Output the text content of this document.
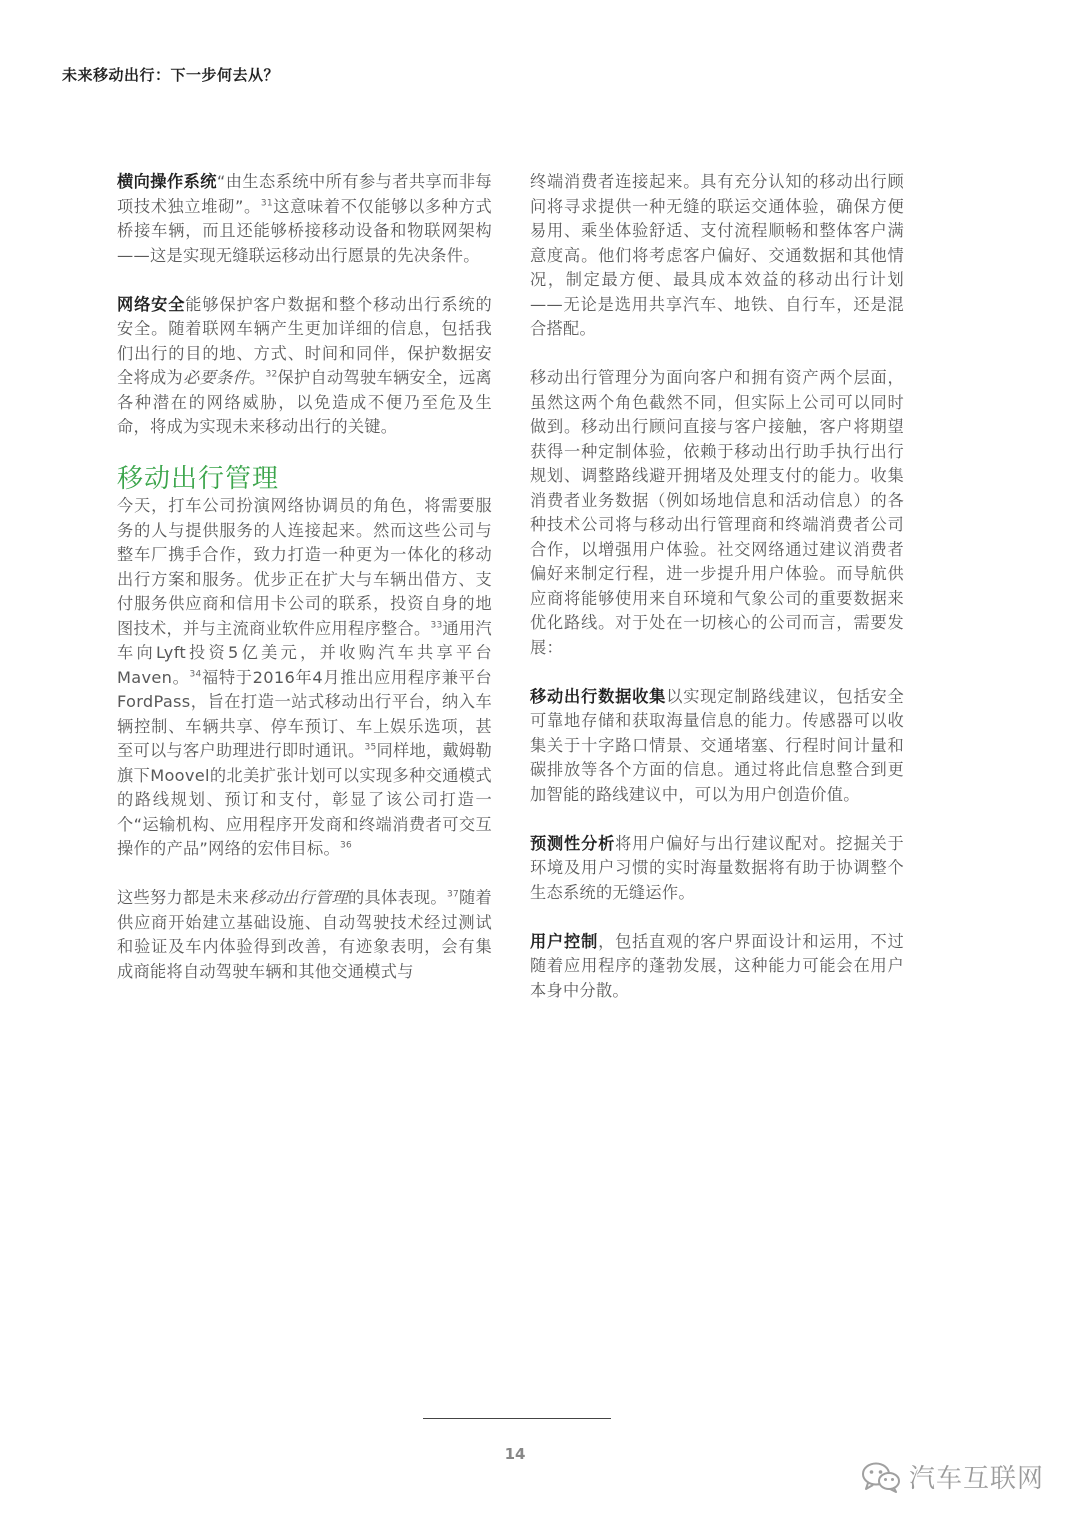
未来移动出行：下一步何去从？

横向操作系统“由生态系统中所有参与者共享而非每项技术独立堆砌”。$^{31}$这意味着不仅能够以多种方式桥接车辆，而且还能够桥接移动设备和物联网架构——这是实现无缝联运移动出行愿景的先决条件。

网络安全能够保护客户数据和整个移动出行系统的安全。随着联网车辆产生更加详细的信息，包括我们出行的目的地、方式、时间和同伴，保护数据安全将成为必要条件。$^{32}$保护自动驾驶车辆安全，远离各种潜在的网络威胁，以免造成不便乃至危及生命，将成为实现未来移动出行的关键。

移动出行管理

今天，打车公司扮演网络协调员的角色，将需要服务的人与提供服务的人连接起来。然而这些公司与整车厂携手合作，致力打造一种更为一体化的移动出行方案和服务。优步正在扩大与车辆出借方、支付服务供应商和信用卡公司的联系，投资自身的地图技术，并与主流商业软件应用程序整合。$^{33}$通用汽车向Lyft投资5亿美元，并收购汽车共享平台Maven。$^{34}$福特于2016年4月推出应用程序兼平台FordPass，旨在打造一站式移动出行平台，纳入车辆控制、车辆共享、停车预订、车上娱乐选项，甚至可以与客户助理进行即时通讯。$^{35}$同样地，戴姆勒旗下Moovel的北美扩张计划可以实现多种交通模式的路线规划、预订和支付，彰显了该公司打造一个“运输机构、应用程序开发商和终端消费者可交互操作的产品”网络的宏伟目标。$^{36}$

这些努力都是未来移动出行管理的具体表现。$^{37}$随着供应商开始建立基础设施、自动驾驶技术经过测试和验证及车内体验得到改善，有迹象表明，会有集成商能将自动驾驶车辆和其他交通模式与

终端消费者连接起来。具有充分认知的移动出行顾问将寻求提供一种无缝的联运交通体验，确保方便易用、乘坐体验舒适、支付流程顺畅和整体客户满意度高。他们将考虑客户偏好、交通数据和其他情况，制定最方便、最具成本效益的移动出行计划——无论是选用共享汽车、地铁、自行车，还是混合搭配。

移动出行管理分为面向客户和拥有资产两个层面，虽然这两个角色截然不同，但实际上公司可以同时做到。移动出行顾问直接与客户接触，客户将期望获得一种定制体验，依赖于移动出行助手执行出行规划、调整路线避开拥堵及处理支付的能力。收集消费者业务数据（例如场地信息和活动信息）的各种技术公司将与移动出行管理商和终端消费者公司合作，以增强用户体验。社交网络通过建议消费者偏好来制定行程，进一步提升用户体验。而导航供应商将能够使用来自环境和气象公司的重要数据来优化路线。对于处在一切核心的公司而言，需要发展：

移动出行数据收集以实现定制路线建议，包括安全可靠地存储和获取海量信息的能力。传感器可以收集关于十字路口情景、交通堵塞、行程时间计量和碳排放等各个方面的信息。通过将此信息整合到更加智能的路线建议中，可以为用户创造价值。

预测性分析将用户偏好与出行建议配对。挖掘关于环境及用户习惯的实时海量数据将有助于协调整个生态系统的无缝运作。

用户控制，包括直观的客户界面设计和运用，不过随着应用程序的蓬勃发展，这种能力可能会在用户本身中分散。

14
汽车互联网
